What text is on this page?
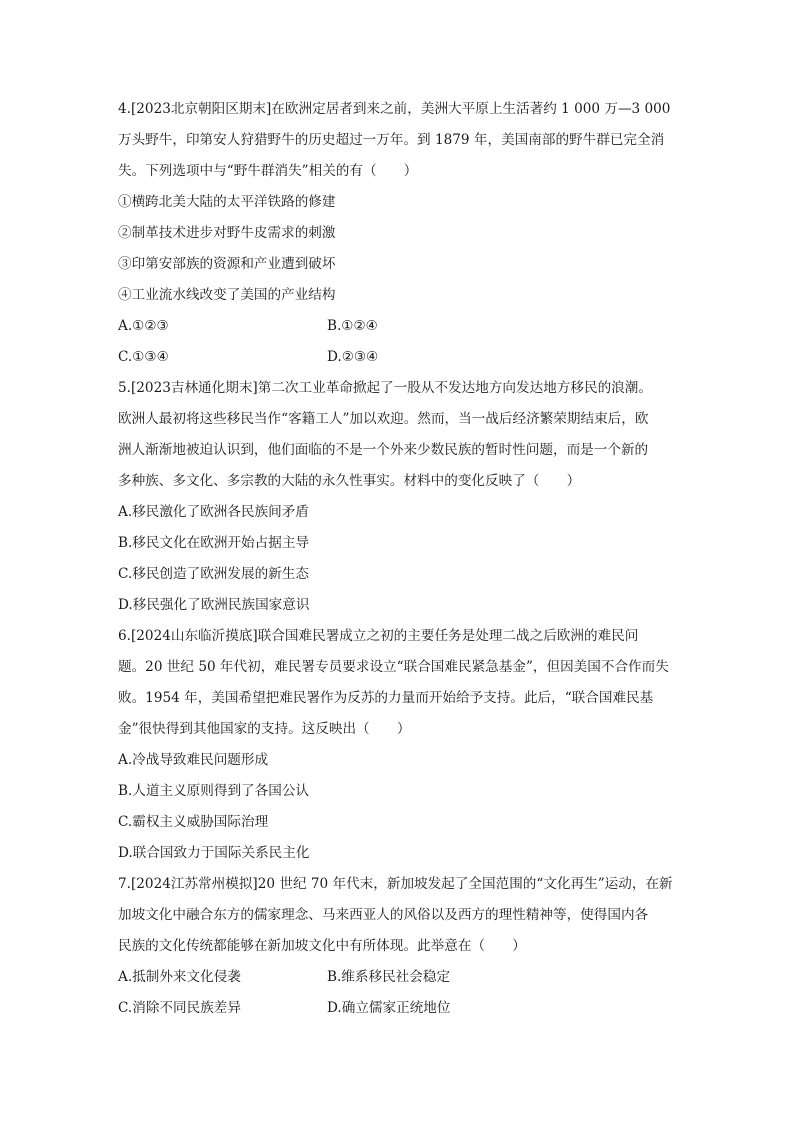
4.[2023北京朝阳区期末]在欧洲定居者到来之前，美洲大平原上生活著约 1 000 万—3 000
万头野牛，印第安人狩猎野牛的历史超过一万年。到 1879 年，美国南部的野牛群已完全消
失。下列选项中与“野牛群消失”相关的有（　　）
①横跨北美大陆的太平洋铁路的修建
②制革技术进步对野牛皮需求的刺激
③印第安部族的资源和产业遭到破坏
④工业流水线改变了美国的产业结构
A.①②③	B.①②④
C.①③④	D.②③④
5.[2023吉林通化期末]第二次工业革命掀起了一股从不发达地方向发达地方移民的浪潮。
欧洲人最初将这些移民当作“客籍工人”加以欢迎。然而，当一战后经济繁荣期结束后，欧
洲人渐渐地被迫认识到，他们面临的不是一个外来少数民族的暂时性问题，而是一个新的
多种族、多文化、多宗教的大陆的永久性事实。材料中的变化反映了（　　）
A.移民激化了欧洲各民族间矛盾
B.移民文化在欧洲开始占据主导
C.移民创造了欧洲发展的新生态
D.移民强化了欧洲民族国家意识
6.[2024山东临沂摸底]联合国难民署成立之初的主要任务是处理二战之后欧洲的难民问
题。20 世纪 50 年代初，难民署专员要求设立“联合国难民紧急基金”，但因美国不合作而失
败。1954 年，美国希望把难民署作为反苏的力量而开始给予支持。此后，“联合国难民基
金”很快得到其他国家的支持。这反映出（　　）
A.冷战导致难民问题形成
B.人道主义原则得到了各国公认
C.霸权主义威胁国际治理
D.联合国致力于国际关系民主化
7.[2024江苏常州模拟]20 世纪 70 年代末，新加坡发起了全国范围的“文化再生”运动，在新
加坡文化中融合东方的儒家理念、马来西亚人的风俗以及西方的理性精神等，使得国内各
民族的文化传统都能够在新加坡文化中有所体现。此举意在（　　）
A.抵制外来文化侵袭	B.维系移民社会稳定
C.消除不同民族差异	D.确立儒家正统地位
